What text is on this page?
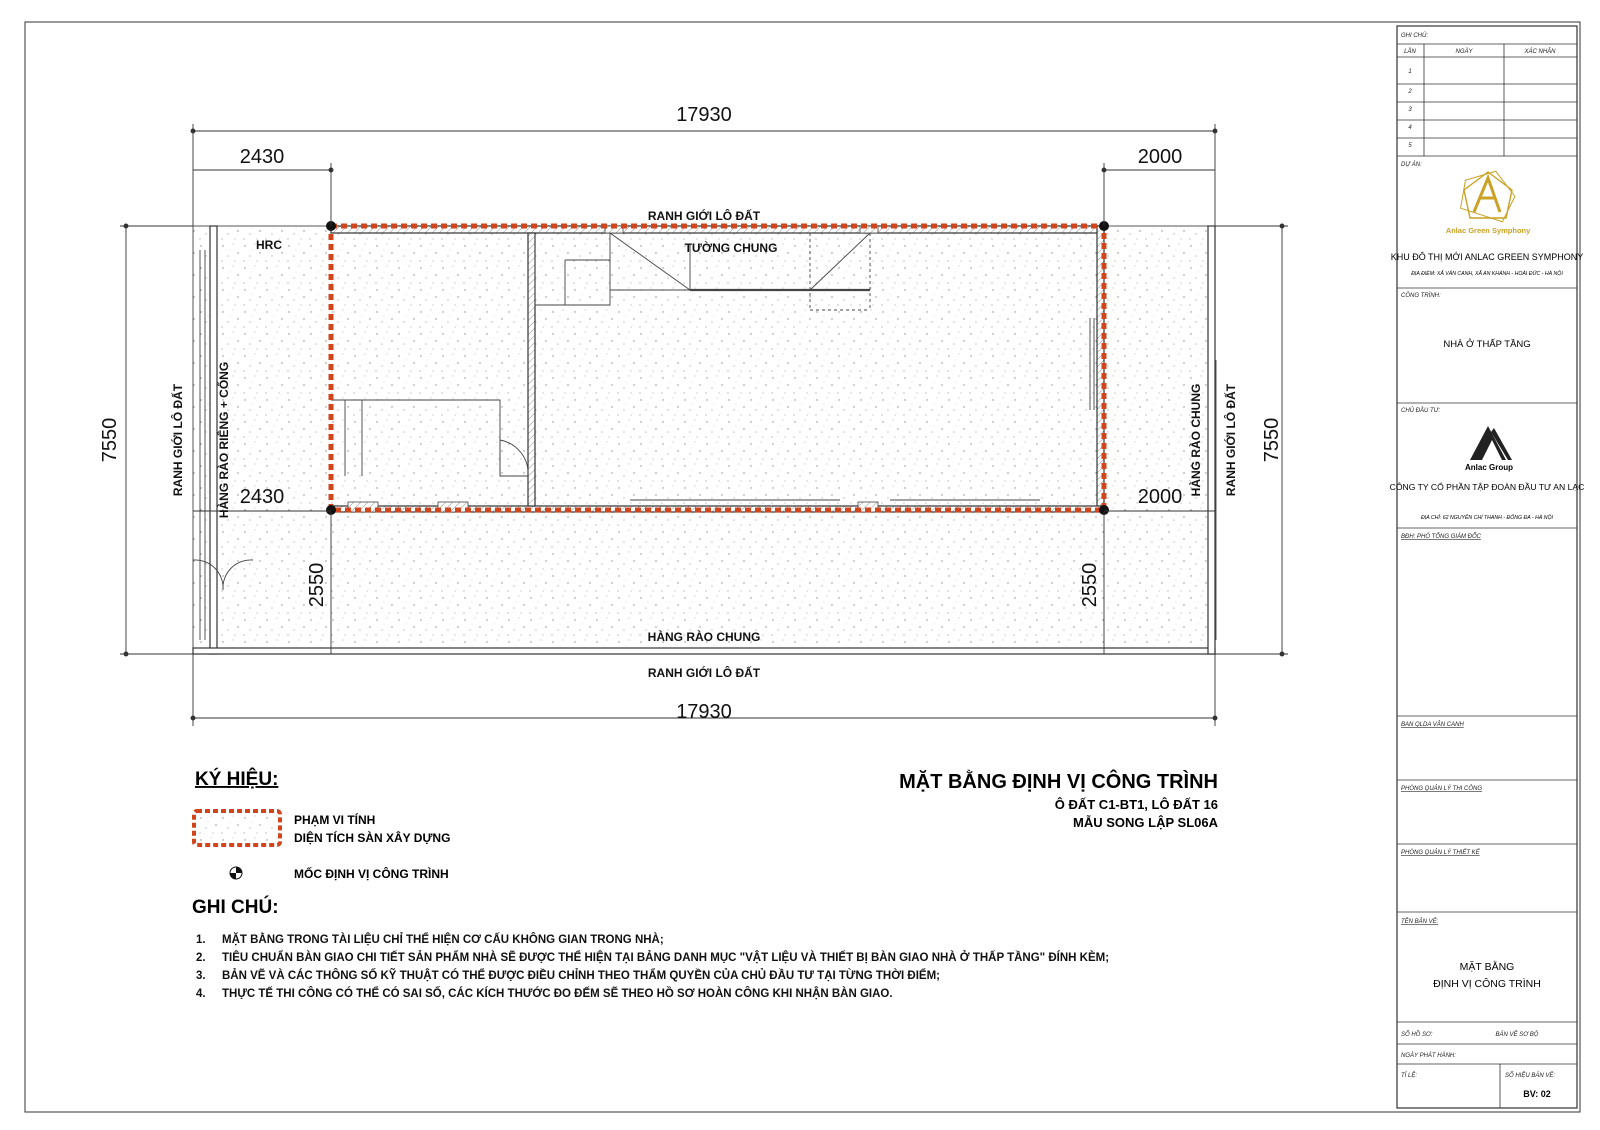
17930
2430	2000
2430	2000
17930
7550	7550
2550	2550
RANH GIỚI LÔ ĐẤT
RANH GIỚI LÔ ĐẤT
TƯỜNG CHUNG
HRC
HÀNG RÀO CHUNG
RANH GIỚI LÔ ĐẤT	HÀNG RÀO RIÊNG + CỔNG	HÀNG RÀO CHUNG RANH GIỚI LÔ ĐẤT
KÝ HIỆU:
PHẠM VI TÍNH
DIỆN TÍCH SÀN XÂY DỰNG
MỐC ĐỊNH VỊ CÔNG TRÌNH
MẶT BẰNG ĐỊNH VỊ CÔNG TRÌNH
Ô ĐẤT C1-BT1, LÔ ĐẤT 16
MẪU SONG LẬP SL06A
GHI CHÚ:
1. MẶT BẰNG TRONG TÀI LIỆU CHỈ THỂ HIỆN CƠ CẤU KHÔNG GIAN TRONG NHÀ;
2. TIÊU CHUẨN BÀN GIAO CHI TIẾT SẢN PHẨM NHÀ SẼ ĐƯỢC THỂ HIỆN TẠI BẢNG DANH MỤC "VẬT LIỆU VÀ THIẾT BỊ BÀN GIAO NHÀ Ở THẤP TẦNG" ĐÍNH KÈM;
3. BẢN VẼ VÀ CÁC THÔNG SỐ KỸ THUẬT CÓ THỂ ĐƯỢC ĐIỀU CHỈNH THEO THẨM QUYỀN CỦA CHỦ ĐẦU TƯ TẠI TỪNG THỜI ĐIỂM;
4. THỰC TẾ THI CÔNG CÓ THỂ CÓ SAI SỐ, CÁC KÍCH THƯỚC ĐO ĐẾM SẼ THEO HỒ SƠ HOÀN CÔNG KHI NHẬN BÀN GIAO.
GHI CHÚ:
LẦN	NGÀY	XÁC NHẬN
1
2
3
4
5
DỰ ÁN:
CÔNG TRÌNH:
CHỦ ĐẦU TƯ:
BĐH: PHÓ TỔNG GIÁM ĐỐC
BAN QLDA VÂN CANH
PHÒNG QUẢN LÝ THI CÔNG
PHÒNG QUẢN LÝ THIẾT KẾ
TÊN BẢN VẼ:
SỐ HỒ SƠ:	BẢN VẼ SƠ BỘ
NGÀY PHÁT HÀNH:
TỈ LỆ:	SỐ HIỆU BẢN VẼ:
Anlac Green Symphony
KHU ĐÔ THỊ MỚI ANLAC GREEN SYMPHONY
ĐỊA ĐIỂM: XÃ VÂN CANH, XÃ AN KHÁNH - HOÀI ĐỨC - HÀ NỘI
NHÀ Ở THẤP TẦNG
Anlac Group
CÔNG TY CỔ PHẦN TẬP ĐOÀN ĐẦU TƯ AN LẠC
ĐỊA CHỈ: 62 NGUYỄN CHÍ THANH - ĐỐNG ĐA - HÀ NỘI
MẶT BẰNG
ĐỊNH VỊ CÔNG TRÌNH
BV: 02
